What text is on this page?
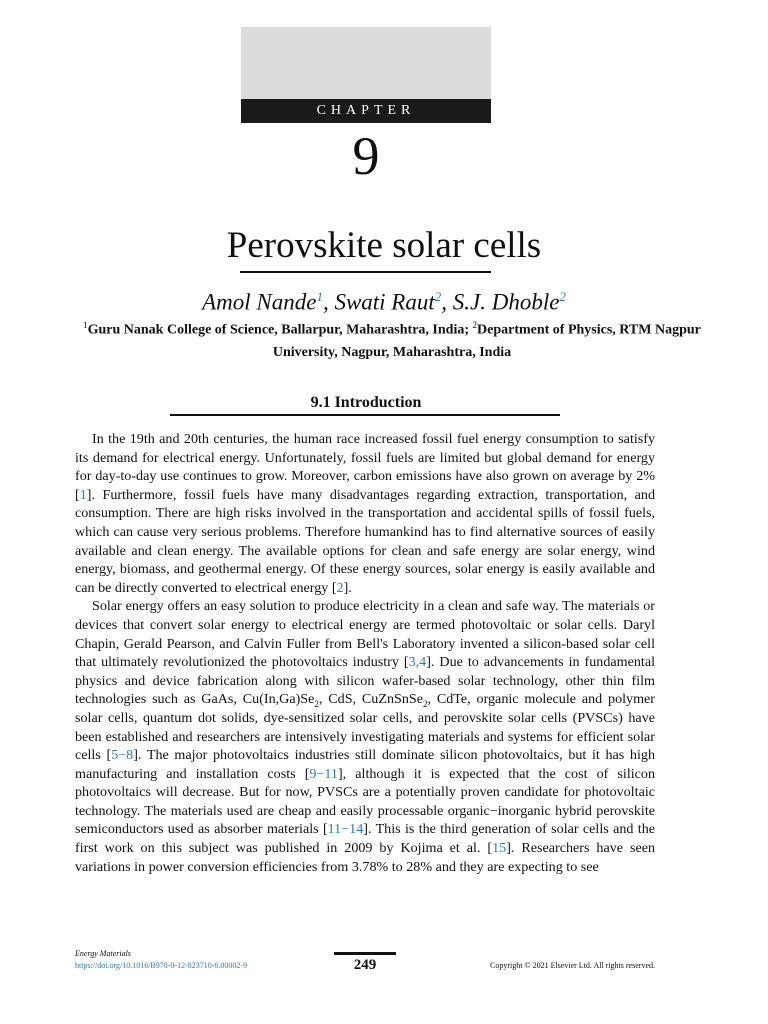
CHAPTER
9
Perovskite solar cells
Amol Nande$^1$, Swati Raut$^2$, S.J. Dhoble$^2$
$^1$Guru Nanak College of Science, Ballarpur, Maharashtra, India; $^2$Department of Physics, RTM Nagpur University, Nagpur, Maharashtra, India
9.1 Introduction

In the 19th and 20th centuries, the human race increased fossil fuel energy consumption to satisfy its demand for electrical energy. Unfortunately, fossil fuels are limited but global demand for energy for day-to-day use continues to grow. Moreover, carbon emissions have also grown on average by 2% [1]. Furthermore, fossil fuels have many disadvantages regarding extraction, transportation, and consumption. There are high risks involved in the transportation and accidental spills of fossil fuels, which can cause very serious problems. Therefore humankind has to find alternative sources of easily available and clean energy. The available options for clean and safe energy are solar energy, wind energy, biomass, and geothermal energy. Of these energy sources, solar energy is easily available and can be directly converted to electrical energy [2].

Solar energy offers an easy solution to produce electricity in a clean and safe way. The materials or devices that convert solar energy to electrical energy are termed photovoltaic or solar cells. Daryl Chapin, Gerald Pearson, and Calvin Fuller from Bell's Laboratory invented a silicon-based solar cell that ultimately revolutionized the photovoltaics industry [3,4]. Due to advancements in fundamental physics and device fabrication along with silicon wafer-based solar technology, other thin film technologies such as GaAs, $Cu(In,Ga)Se_2$, CdS, CuZnSnSe$_2$, CdTe, organic molecule and polymer solar cells, quantum dot solids, dye-sensitized solar cells, and perovskite solar cells (PVSCs) have been established and researchers are intensively investigating materials and systems for efficient solar cells [5−8]. The major photovoltaics industries still dominate silicon photovoltaics, but it has high manufacturing and installation costs [9−11], although it is expected that the cost of silicon photovoltaics will decrease. But for now, PVSCs are a potentially proven candidate for photovoltaic technology. The materials used are cheap and easily processable organic−inorganic hybrid perovskite semiconductors used as absorber materials [11−14]. This is the third generation of solar cells and the first work on this subject was published in 2009 by Kojima et al. [15]. Researchers have seen variations in power conversion efficiencies from 3.78% to 28% and they are expecting to see

Energy Materials
https://doi.org/10.1016/B978-0-12-823710-6.00002-9	249	Copyright © 2021 Elsevier Ltd. All rights reserved.
